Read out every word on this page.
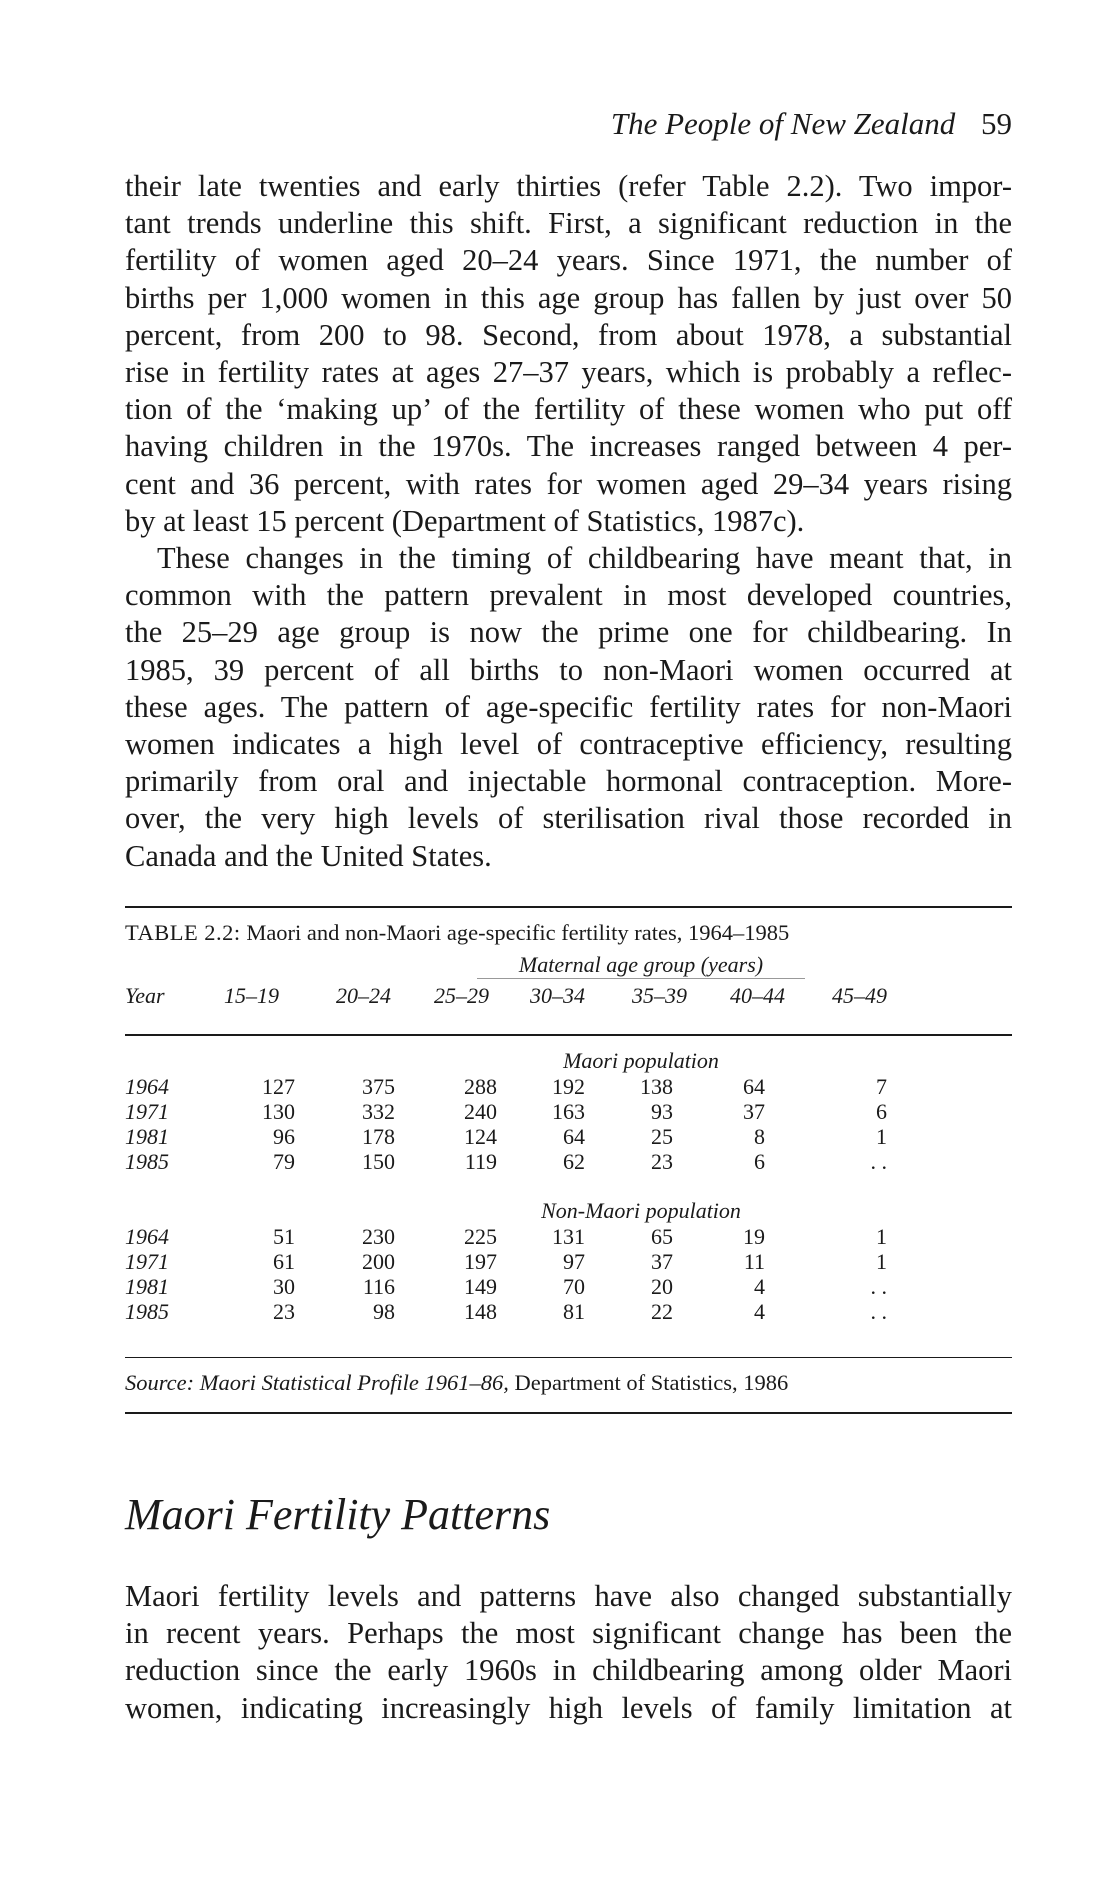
The People of New Zealand 59
their late twenties and early thirties (refer Table 2.2). Two impor-
tant trends underline this shift. First, a significant reduction in the
fertility of women aged 20–24 years. Since 1971, the number of
births per 1,000 women in this age group has fallen by just over 50
percent, from 200 to 98. Second, from about 1978, a substantial
rise in fertility rates at ages 27–37 years, which is probably a reflec-
tion of the ‘making up’ of the fertility of these women who put off
having children in the 1970s. The increases ranged between 4 per-
cent and 36 percent, with rates for women aged 29–34 years rising
by at least 15 percent (Department of Statistics, 1987c).
These changes in the timing of childbearing have meant that, in
common with the pattern prevalent in most developed countries,
the 25–29 age group is now the prime one for childbearing. In
1985, 39 percent of all births to non-Maori women occurred at
these ages. The pattern of age-specific fertility rates for non-Maori
women indicates a high level of contraceptive efficiency, resulting
primarily from oral and injectable hormonal contraception. More-
over, the very high levels of sterilisation rival those recorded in
Canada and the United States.
TABLE 2.2: Maori and non-Maori age-specific fertility rates, 1964–1985
Maternal age group (years)
Year	15–19	20–24 25–29 30–34 35–39 40–44 45–49
Maori population
1964	127	375	288	192	138	64	7
1971	130	332	240	163	93	37	6
1981	96	178	124	64	25	8	1
1985	79	150	119	62	23	6	. .
Non-Maori population
1964	51	230	225	131	65	19	1
1971	61	200	197	97	37	11	1
1981	30	116	149	70	20	4	. .
1985	23	98	148	81	22	4	. .
Source: Maori Statistical Profile 1961–86, Department of Statistics, 1986
Maori Fertility Patterns
Maori fertility levels and patterns have also changed substantially
in recent years. Perhaps the most significant change has been the
reduction since the early 1960s in childbearing among older Maori
women, indicating increasingly high levels of family limitation at
